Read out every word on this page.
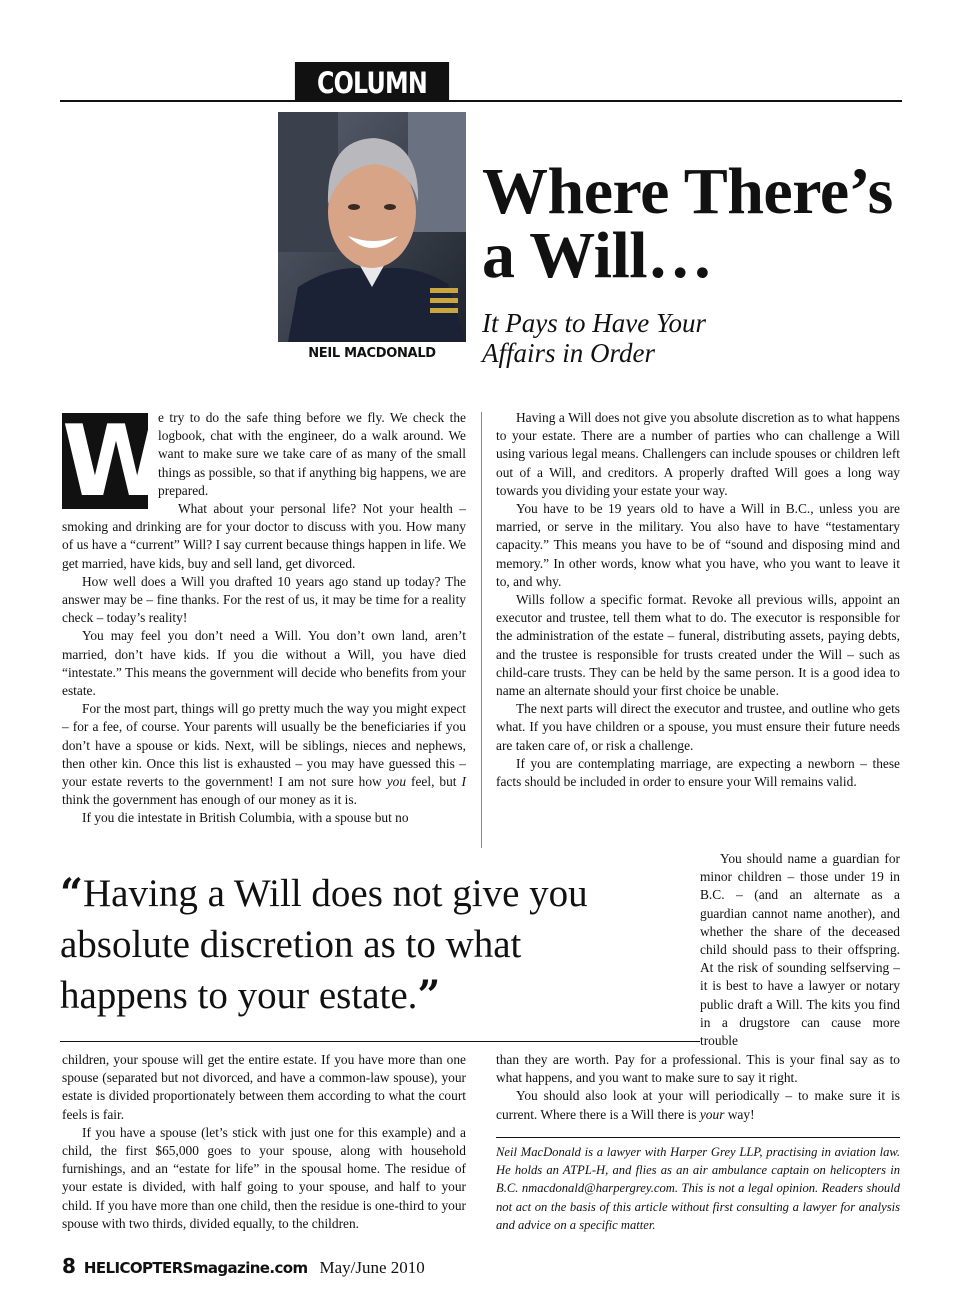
COLUMN
NEIL MACDONALD
Where There’s
a Will…
It Pays to Have Your
Affairs in Order
W

e try to do the safe thing before we fly. We check the logbook, chat with the engineer, do a walk around. We want to make sure we take care of as many of the small things as possible, so that if anything big happens, we are prepared.

What about your personal life? Not your health – smoking and drinking are for your doctor to discuss with you. How many of us have a “current” Will? I say current because things happen in life. We get married, have kids, buy and sell land, get divorced.

How well does a Will you drafted 10 years ago stand up today? The answer may be – fine thanks. For the rest of us, it may be time for a reality check – today’s reality!

You may feel you don’t need a Will. You don’t own land, aren’t married, don’t have kids. If you die without a Will, you have died “intestate.” This means the government will decide who benefits from your estate.

For the most part, things will go pretty much the way you might expect – for a fee, of course. Your parents will usually be the beneficiaries if you don’t have a spouse or kids. Next, will be siblings, nieces and nephews, then other kin. Once this list is exhausted – you may have guessed this – your estate reverts to the government! I am not sure how you feel, but I think the government has enough of our money as it is.

If you die intestate in British Columbia, with a spouse but no

Having a Will does not give you absolute discretion as to what happens to your estate. There are a number of parties who can challenge a Will using various legal means. Challengers can include spouses or children left out of a Will, and creditors. A properly drafted Will goes a long way towards you dividing your estate your way.

You have to be 19 years old to have a Will in B.C., unless you are married, or serve in the military. You also have to have “testamentary capacity.” This means you have to be of “sound and disposing mind and memory.” In other words, know what you have, who you want to leave it to, and why.

Wills follow a specific format. Revoke all previous wills, appoint an executor and trustee, tell them what to do. The executor is responsible for the administration of the estate – funeral, distributing assets, paying debts, and the trustee is responsible for trusts created under the Will – such as child-care trusts. They can be held by the same person. It is a good idea to name an alternate should your first choice be unable.

The next parts will direct the executor and trustee, and outline who gets what. If you have children or a spouse, you must ensure their future needs are taken care of, or risk a challenge.

If you are contemplating marriage, are expecting a newborn – these facts should be included in order to ensure your Will remains valid.

You should name a guardian for minor children – those under 19 in B.C. – (and an alternate as a guardian cannot name another), and whether the share of the deceased child should pass to their offspring. At the risk of sounding selfserving – it is best to have a lawyer or notary public draft a Will. The kits you find in a drugstore can cause more trouble

“Having a Will does not give you absolute discretion as to what happens to your estate.”

children, your spouse will get the entire estate. If you have more than one spouse (separated but not divorced, and have a common-law spouse), your estate is divided proportionately between them according to what the court feels is fair.

If you have a spouse (let’s stick with just one for this example) and a child, the first $65,000 goes to your spouse, along with household furnishings, and an “estate for life” in the spousal home. The residue of your estate is divided, with half going to your spouse, and half to your child. If you have more than one child, then the residue is one-third to your spouse with two thirds, divided equally, to the children.

than they are worth. Pay for a professional. This is your final say as to what happens, and you want to make sure to say it right.

You should also look at your will periodically – to make sure it is current. Where there is a Will there is your way!

Neil MacDonald is a lawyer with Harper Grey LLP, practising in aviation law. He holds an ATPL-H, and flies as an air ambulance captain on helicopters in B.C. nmacdonald@harpergrey.com. This is not a legal opinion. Readers should not act on the basis of this article without first consulting a lawyer for analysis and advice on a specific matter.
8 HELICOPTERSmagazine.com May/June 2010
